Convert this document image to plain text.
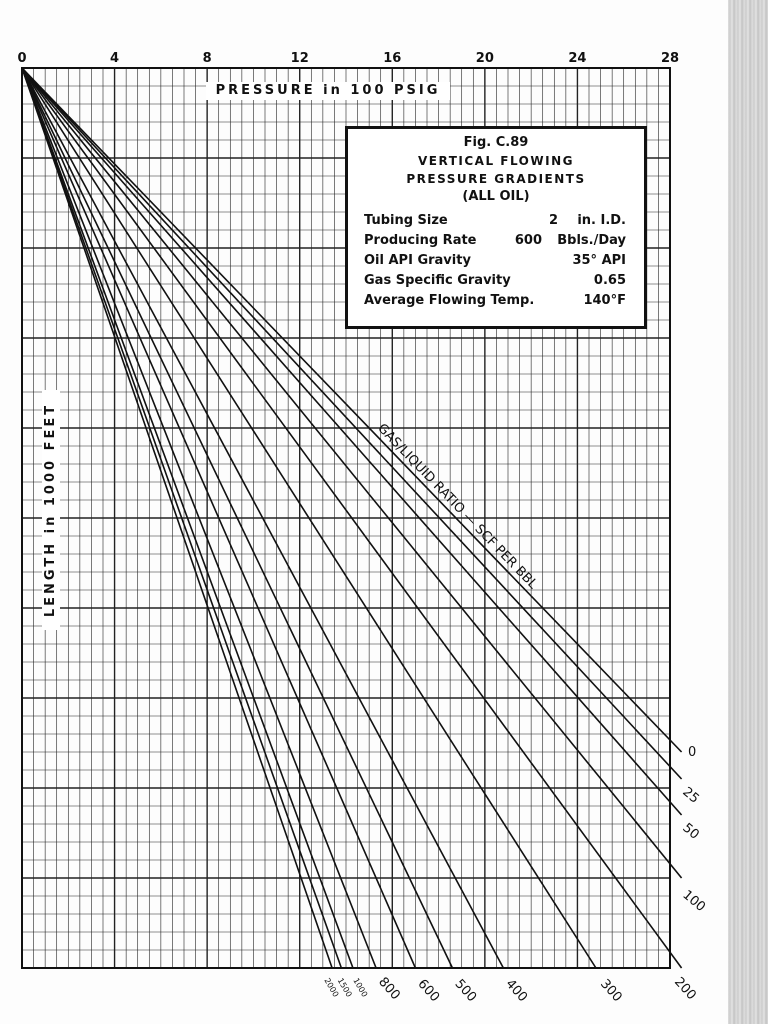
0	4	8	12	16	20	24	28
0
25
50
100
200
300
400
500
600
800
1000
1500
2000
PRESSURE in 100 PSIG
LENGTH in 1000 FEET	GAS/LIQUID RATIO — SCF PER BBL
Fig. C.89
VERTICAL FLOWING
PRESSURE GRADIENTS
(ALL OIL)
Tubing Size	2 in. I.D.
Producing Rate	600 Bbls./Day
Oil API Gravity	35° API
Gas Specific Gravity	0.65
Average Flowing Temp.	140°F
